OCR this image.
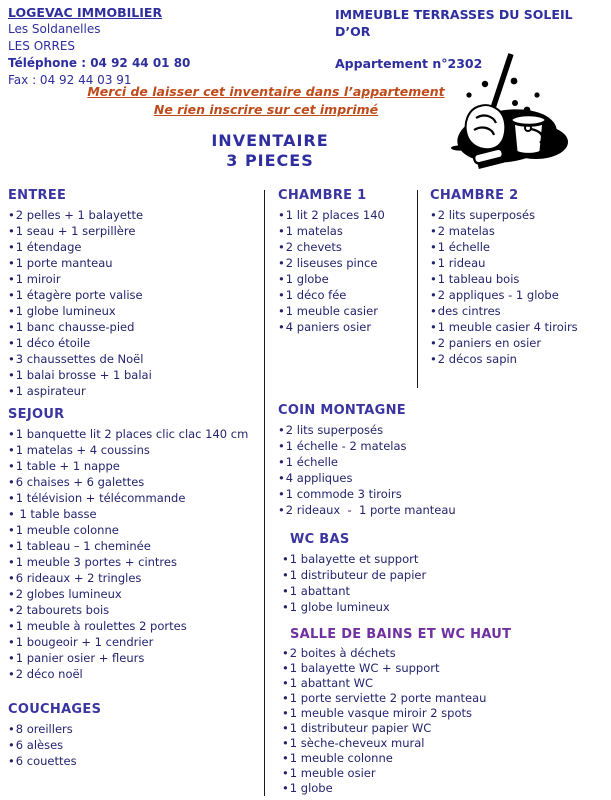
LOGEVAC IMMOBILIER
Les Soldanelles
LES ORRES
Téléphone : 04 92 44 01 80
Fax : 04 92 44 03 91
IMMEUBLE TERRASSES DU SOLEIL D’OR
Appartement n°2302
Merci de laisser cet inventaire dans l’appartement
Ne rien inscrire sur cet imprimé
INVENTAIRE
3 PIECES
ENTREE
•2 pelles + 1 balayette
•1 seau + 1 serpillère
•1 étendage
•1 porte manteau
•1 miroir
•1 étagère porte valise
•1 globe lumineux
•1 banc chausse-pied
•1 déco étoile
•3 chaussettes de Noël
•1 balai brosse + 1 balai
•1 aspirateur
SEJOUR
•1 banquette lit 2 places clic clac 140 cm
•1 matelas + 4 coussins
•1 table + 1 nappe
•6 chaises + 6 galettes
•1 télévision + télécommande
• 1 table basse
•1 meuble colonne
•1 tableau – 1 cheminée
•1 meuble 3 portes + cintres
•6 rideaux + 2 tringles
•2 globes lumineux
•2 tabourets bois
•1 meuble à roulettes 2 portes
•1 bougeoir + 1 cendrier
•1 panier osier + fleurs
•2 déco noël
COUCHAGES
•8 oreillers
•6 alèses
•6 couettes
CHAMBRE 1
•1 lit 2 places 140
•1 matelas
•2 chevets
•2 liseuses pince
•1 globe
•1 déco fée
•1 meuble casier
•4 paniers osier
COIN MONTAGNE
•2 lits superposés
•1 échelle - 2 matelas
•1 échelle
•4 appliques
•1 commode 3 tiroirs
•2 rideaux  -  1 porte manteau
WC BAS
•1 balayette et support
•1 distributeur de papier
•1 abattant
•1 globe lumineux
SALLE DE BAINS ET WC HAUT
•2 boites à déchets
•1 balayette WC + support
•1 abattant WC
•1 porte serviette 2 porte manteau
•1 meuble vasque miroir 2 spots
•1 distributeur papier WC
•1 sèche-cheveux mural
•1 meuble colonne
•1 meuble osier
•1 globe
CHAMBRE 2
•2 lits superposés
•2 matelas
•1 échelle
•1 rideau
•1 tableau bois
•2 appliques - 1 globe
•des cintres
•1 meuble casier 4 tiroirs
•2 paniers en osier
•2 décos sapin
